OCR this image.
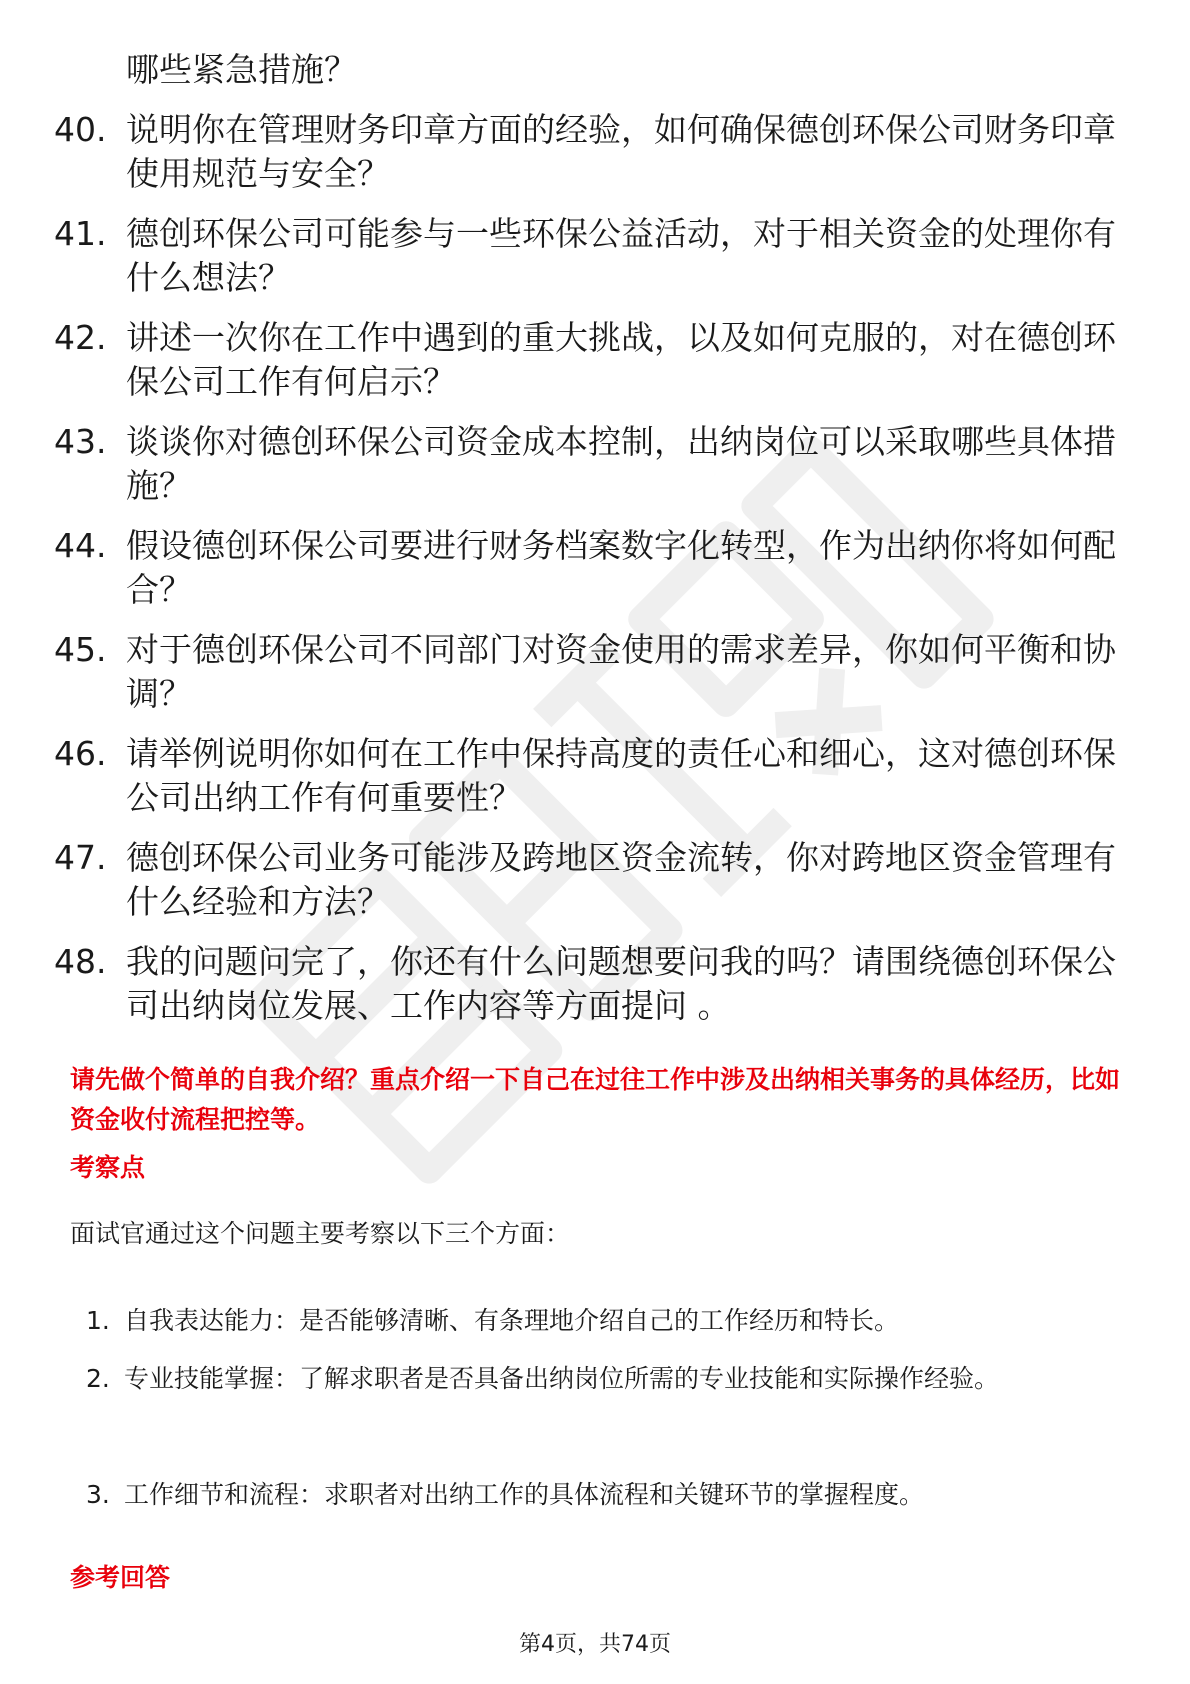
哪些紧急措施？

40. 说明你在管理财务印章方面的经验，如何确保德创环保公司财务印章使用规范与安全？
41. 德创环保公司可能参与一些环保公益活动，对于相关资金的处理你有什么想法？
42. 讲述一次你在工作中遇到的重大挑战，以及如何克服的，对在德创环保公司工作有何启示？
43. 谈谈你对德创环保公司资金成本控制，出纳岗位可以采取哪些具体措施？
44. 假设德创环保公司要进行财务档案数字化转型，作为出纳你将如何配合？
45. 对于德创环保公司不同部门对资金使用的需求差异，你如何平衡和协调？
46. 请举例说明你如何在工作中保持高度的责任心和细心，这对德创环保公司出纳工作有何重要性？
47. 德创环保公司业务可能涉及跨地区资金流转，你对跨地区资金管理有什么经验和方法？
48. 我的问题问完了，你还有什么问题想要问我的吗？请围绕德创环保公司出纳岗位发展、工作内容等方面提问 。

请先做个简单的自我介绍？重点介绍一下自己在过往工作中涉及出纳相关事务的具体经历，比如资金收付流程把控等。

考察点

面试官通过这个问题主要考察以下三个方面：

1. 自我表达能力：是否能够清晰、有条理地介绍自己的工作经历和特长。
2. 专业技能掌握：了解求职者是否具备出纳岗位所需的专业技能和实际操作经验。
3. 工作细节和流程：求职者对出纳工作的具体流程和关键环节的掌握程度。
参考回答
第4页，共74页
